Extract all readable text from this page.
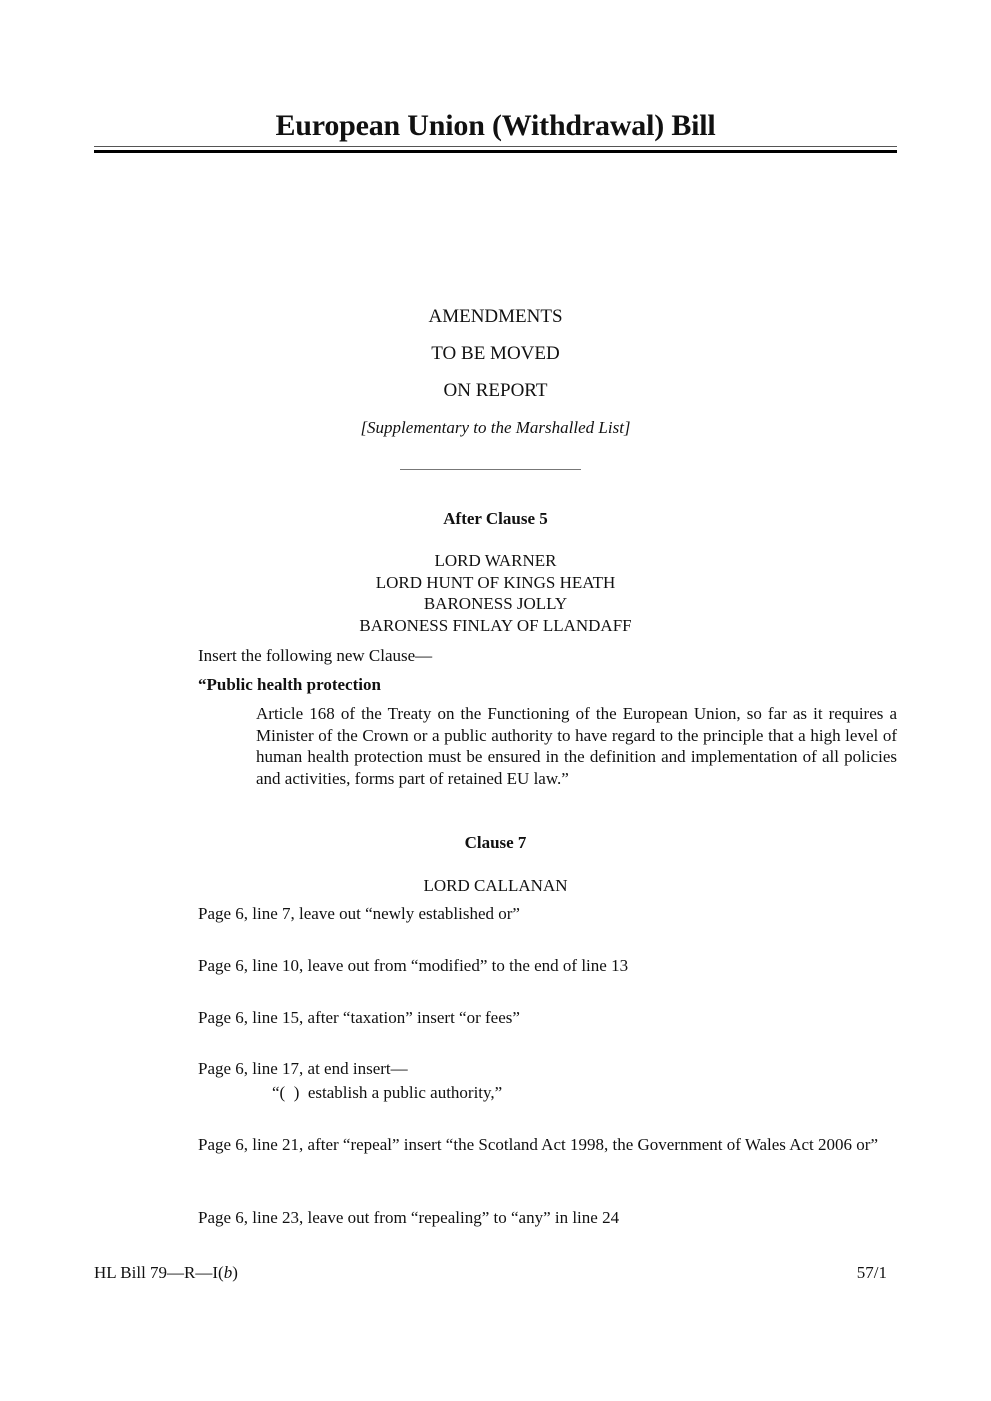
European Union (Withdrawal) Bill
AMENDMENTS
TO BE MOVED
ON REPORT
[Supplementary to the Marshalled List]
After Clause 5
LORD WARNER
LORD HUNT OF KINGS HEATH
BARONESS JOLLY
BARONESS FINLAY OF LLANDAFF
Insert the following new Clause—
“Public health protection
Article 168 of the Treaty on the Functioning of the European Union, so far as it requires a Minister of the Crown or a public authority to have regard to the principle that a high level of human health protection must be ensured in the definition and implementation of all policies and activities, forms part of retained EU law.”
Clause 7
LORD CALLANAN
Page 6, line 7, leave out “newly established or”
Page 6, line 10, leave out from “modified” to the end of line 13
Page 6, line 15, after “taxation” insert “or fees”
Page 6, line 17, at end insert—
“(  )  establish a public authority,”
Page 6, line 21, after “repeal” insert “the Scotland Act 1998, the Government of Wales Act 2006 or”
Page 6, line 23, leave out from “repealing” to “any” in line 24
HL Bill 79—R—I(b)	57/1
